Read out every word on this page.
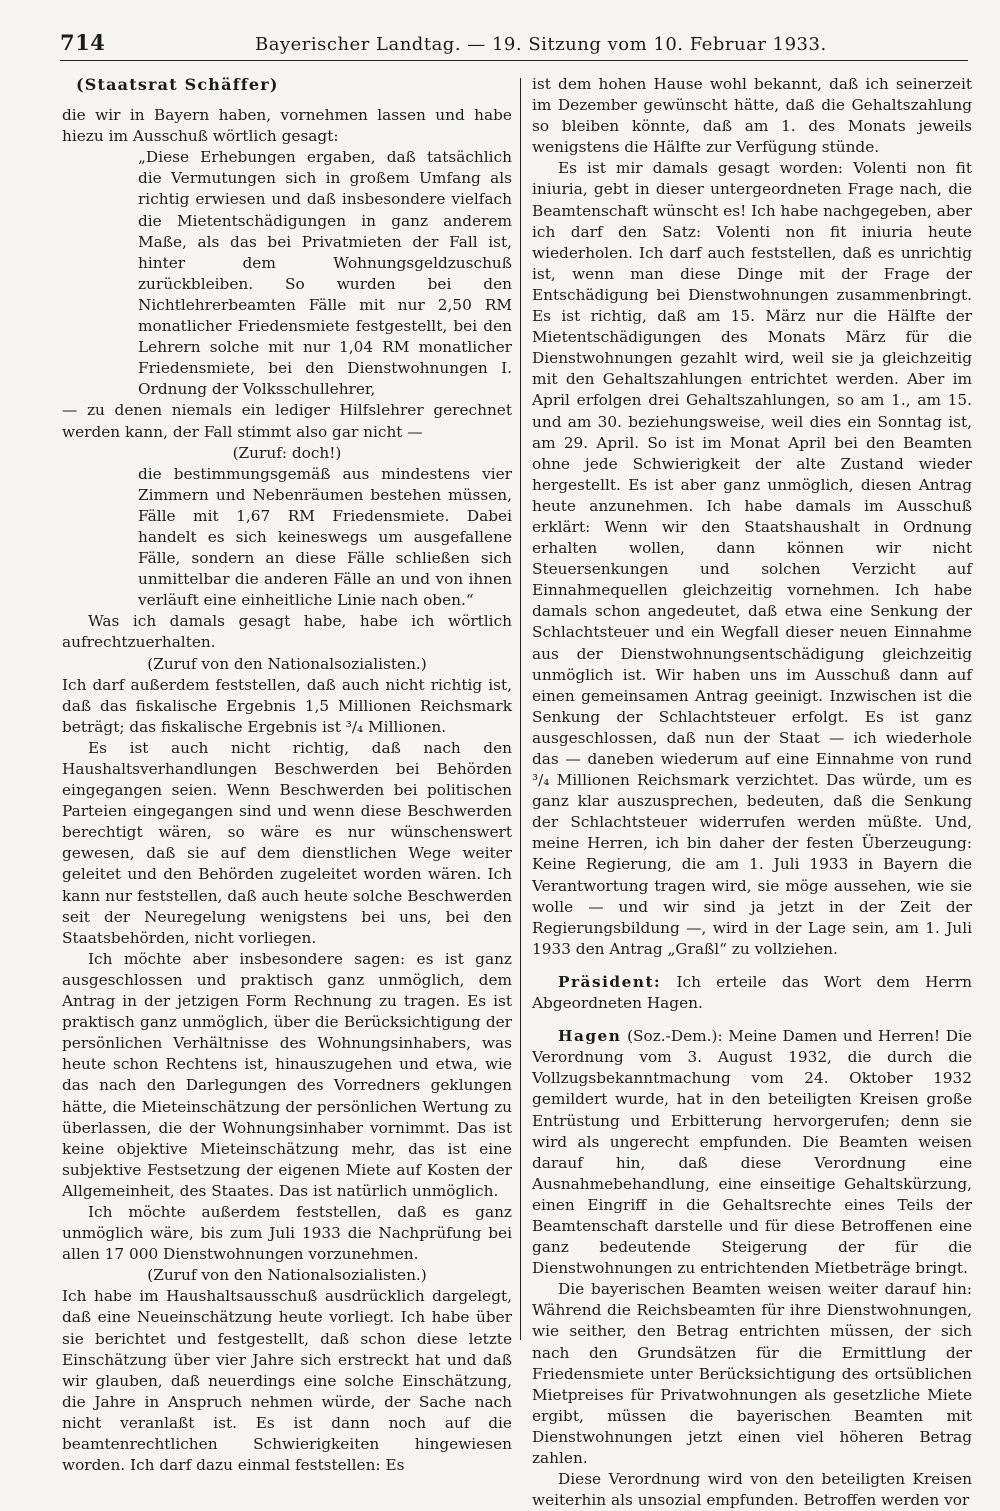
714	Bayerischer Landtag. — 19. Sitzung vom 10. Februar 1933.

(Staatsrat Schäffer)

die wir in Bayern haben, vornehmen lassen und habe hiezu im Ausschuß wörtlich gesagt:

„Diese Erhebungen ergaben, daß tatsächlich die Vermutungen sich in großem Umfang als richtig erwiesen und daß insbesondere vielfach die Mietentschädigungen in ganz anderem Maße, als das bei Privatmieten der Fall ist, hinter dem Wohnungsgeldzuschuß zurückbleiben. So wurden bei den Nichtlehrerbeamten Fälle mit nur 2,50 RM monatlicher Friedensmiete festgestellt, bei den Lehrern solche mit nur 1,04 RM monatlicher Friedensmiete, bei den Dienstwohnungen I. Ordnung der Volksschullehrer,

— zu denen niemals ein lediger Hilfslehrer gerechnet werden kann, der Fall stimmt also gar nicht —

(Zuruf: doch!)

die bestimmungsgemäß aus mindestens vier Zimmern und Nebenräumen bestehen müssen, Fälle mit 1,67 RM Friedensmiete. Dabei handelt es sich keineswegs um ausgefallene Fälle, sondern an diese Fälle schließen sich unmittelbar die anderen Fälle an und von ihnen verläuft eine einheitliche Linie nach oben.“

Was ich damals gesagt habe, habe ich wörtlich aufrechtzuerhalten.

(Zuruf von den Nationalsozialisten.)

Ich darf außerdem feststellen, daß auch nicht richtig ist, daß das fiskalische Ergebnis 1,5 Millionen Reichsmark beträgt; das fiskalische Ergebnis ist ³/₄ Millionen.

Es ist auch nicht richtig, daß nach den Haushaltsverhandlungen Beschwerden bei Behörden eingegangen seien. Wenn Beschwerden bei politischen Parteien eingegangen sind und wenn diese Beschwerden berechtigt wären, so wäre es nur wünschenswert gewesen, daß sie auf dem dienstlichen Wege weiter geleitet und den Behörden zugeleitet worden wären. Ich kann nur feststellen, daß auch heute solche Beschwerden seit der Neuregelung wenigstens bei uns, bei den Staatsbehörden, nicht vorliegen.

Ich möchte aber insbesondere sagen: es ist ganz ausgeschlossen und praktisch ganz unmöglich, dem Antrag in der jetzigen Form Rechnung zu tragen. Es ist praktisch ganz unmöglich, über die Berücksichtigung der persönlichen Verhältnisse des Wohnungsinhabers, was heute schon Rechtens ist, hinauszugehen und etwa, wie das nach den Darlegungen des Vorredners geklungen hätte, die Mieteinschätzung der persönlichen Wertung zu überlassen, die der Wohnungsinhaber vornimmt. Das ist keine objektive Mieteinschätzung mehr, das ist eine subjektive Festsetzung der eigenen Miete auf Kosten der Allgemeinheit, des Staates. Das ist natürlich unmöglich.

Ich möchte außerdem feststellen, daß es ganz unmöglich wäre, bis zum Juli 1933 die Nachprüfung bei allen 17 000 Dienstwohnungen vorzunehmen.

(Zuruf von den Nationalsozialisten.)

Ich habe im Haushaltsausschuß ausdrücklich dargelegt, daß eine Neueinschätzung heute vorliegt. Ich habe über sie berichtet und festgestellt, daß schon diese letzte Einschätzung über vier Jahre sich erstreckt hat und daß wir glauben, daß neuerdings eine solche Einschätzung, die Jahre in Anspruch nehmen würde, der Sache nach nicht veranlaßt ist. Es ist dann noch auf die beamtenrechtlichen Schwierigkeiten hingewiesen worden. Ich darf dazu einmal feststellen: Es

ist dem hohen Hause wohl bekannt, daß ich seinerzeit im Dezember gewünscht hätte, daß die Gehaltszahlung so bleiben könnte, daß am 1. des Monats jeweils wenigstens die Hälfte zur Verfügung stünde.

Es ist mir damals gesagt worden: Volenti non fit iniuria, gebt in dieser untergeordneten Frage nach, die Beamtenschaft wünscht es! Ich habe nachgegeben, aber ich darf den Satz: Volenti non fit iniuria heute wiederholen. Ich darf auch feststellen, daß es unrichtig ist, wenn man diese Dinge mit der Frage der Entschädigung bei Dienstwohnungen zusammenbringt. Es ist richtig, daß am 15. März nur die Hälfte der Mietentschädigungen des Monats März für die Dienstwohnungen gezahlt wird, weil sie ja gleichzeitig mit den Gehaltszahlungen entrichtet werden. Aber im April erfolgen drei Gehaltszahlungen, so am 1., am 15. und am 30. beziehungsweise, weil dies ein Sonntag ist, am 29. April. So ist im Monat April bei den Beamten ohne jede Schwierigkeit der alte Zustand wieder hergestellt. Es ist aber ganz unmöglich, diesen Antrag heute anzunehmen. Ich habe damals im Ausschuß erklärt: Wenn wir den Staatshaushalt in Ordnung erhalten wollen, dann können wir nicht Steuersenkungen und solchen Verzicht auf Einnahmequellen gleichzeitig vornehmen. Ich habe damals schon angedeutet, daß etwa eine Senkung der Schlachtsteuer und ein Wegfall dieser neuen Einnahme aus der Dienstwohnungsentschädigung gleichzeitig unmöglich ist. Wir haben uns im Ausschuß dann auf einen gemeinsamen Antrag geeinigt. Inzwischen ist die Senkung der Schlachtsteuer erfolgt. Es ist ganz ausgeschlossen, daß nun der Staat — ich wiederhole das — daneben wiederum auf eine Einnahme von rund ³/₄ Millionen Reichsmark verzichtet. Das würde, um es ganz klar auszusprechen, bedeuten, daß die Senkung der Schlachtsteuer widerrufen werden müßte. Und, meine Herren, ich bin daher der festen Überzeugung: Keine Regierung, die am 1. Juli 1933 in Bayern die Verantwortung tragen wird, sie möge aussehen, wie sie wolle — und wir sind ja jetzt in der Zeit der Regierungsbildung —, wird in der Lage sein, am 1. Juli 1933 den Antrag „Graßl“ zu vollziehen.

Präsident: Ich erteile das Wort dem Herrn Abgeordneten Hagen.

Hagen (Soz.-Dem.): Meine Damen und Herren! Die Verordnung vom 3. August 1932, die durch die Vollzugsbekanntmachung vom 24. Oktober 1932 gemildert wurde, hat in den beteiligten Kreisen große Entrüstung und Erbitterung hervorgerufen; denn sie wird als ungerecht empfunden. Die Beamten weisen darauf hin, daß diese Verordnung eine Ausnahmebehandlung, eine einseitige Gehaltskürzung, einen Eingriff in die Gehaltsrechte eines Teils der Beamtenschaft darstelle und für diese Betroffenen eine ganz bedeutende Steigerung der für die Dienstwohnungen zu entrichtenden Mietbeträge bringt.

Die bayerischen Beamten weisen weiter darauf hin: Während die Reichsbeamten für ihre Dienstwohnungen, wie seither, den Betrag entrichten müssen, der sich nach den Grundsätzen für die Ermittlung der Friedensmiete unter Berücksichtigung des ortsüblichen Mietpreises für Privatwohnungen als gesetzliche Miete ergibt, müssen die bayerischen Beamten mit Dienstwohnungen jetzt einen viel höheren Betrag zahlen.

Diese Verordnung wird von den beteiligten Kreisen weiterhin als unsozial empfunden. Betroffen werden vor
